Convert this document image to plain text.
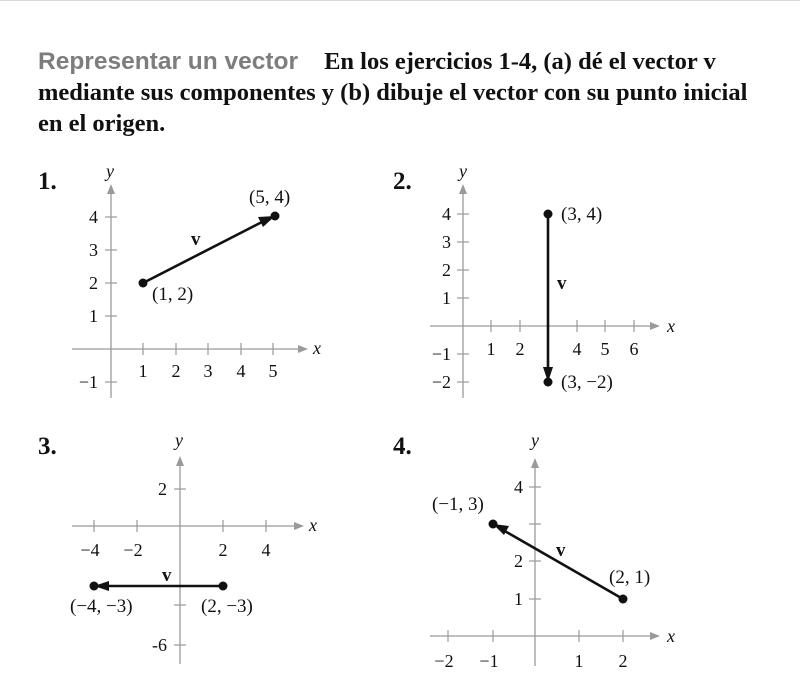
Representar un vector En los ejercicios 1-4, (a) dé el vector v mediante sus componentes y (b) dibuje el vector con su punto inicial en el origen.
1.	2.
3.	4.
1 2 3 4 5
4
3
2
1
−1
x
y
v
(1, 2)
(5, 4)
1 2	4 5 6
4
3
2
1
−1
−2
x
y
v
(3, 4)
(3, −2)
−4 −2	2 4
2
-6
x
y
v
(2, −3)
(−4, −3)
−2 −1	1 2
4
2
1
x
y
v
(2, 1)
(−1, 3)
